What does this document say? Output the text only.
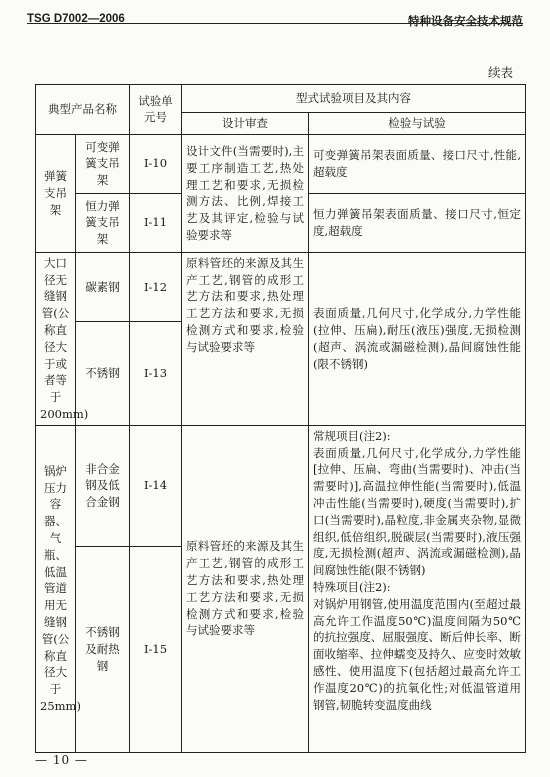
TSG D7002—2006	特种设备安全技术规范
续表
典型产品名称		试验单元号	型式试验项目及其内容	
			设计审查	检验与试验
弹簧支吊架	可变弹簧支吊架	Ⅰ-10	设计文件(当需要时),主要工序制造工艺,热处理工艺和要求,无损检测方法、比例,焊接工艺及其评定,检验与试验要求等	可变弹簧吊架表面质量、接口尺寸,性能,超载度
	恒力弹簧支吊架	Ⅰ-11		恒力弹簧吊架表面质量、接口尺寸,恒定度,超载度
大口径无缝钢管(公称直径大于或者等于200mm)	碳素钢	Ⅰ-12	原料管坯的来源及其生产工艺,钢管的成形工艺方法和要求,热处理工艺方法和要求,无损检测方式和要求,检验与试验要求等	表面质量,几何尺寸,化学成分,力学性能(拉伸、压扁),耐压(液压)强度,无损检测(超声、涡流或漏磁检测),晶间腐蚀性能(限不锈钢)
	不锈钢	Ⅰ-13		
锅炉压力容器、气瓶、低温管道用无缝钢管(公称直径大于25mm)	非合金钢及低合金钢	Ⅰ-14	原料管坯的来源及其生产工艺,钢管的成形工艺方法和要求,热处理工艺方法和要求,无损检测方式和要求,检验与试验要求等	常规项目(注2):
表面质量,几何尺寸,化学成分,力学性能[拉伸、压扁、弯曲(当需要时)、冲击(当需要时)],高温拉伸性能(当需要时),低温冲击性能(当需要时),硬度(当需要时),扩口(当需要时),晶粒度,非金属夹杂物,显微组织,低倍组织,脱碳层(当需要时),液压强度,无损检测(超声、涡流或漏磁检测),晶间腐蚀性能(限不锈钢)
特殊项目(注2):
对锅炉用钢管,使用温度范围内(至超过最高允许工作温度50℃)温度间隔为50℃的抗拉强度、屈服强度、断后伸长率、断面收缩率、拉伸蠕变及持久、应变时效敏感性、使用温度下(包括超过最高允许工作温度20℃)的抗氧化性;对低温管道用钢管,韧脆转变温度曲线

	不锈钢及耐热钢	Ⅰ-15		
— 10 —
